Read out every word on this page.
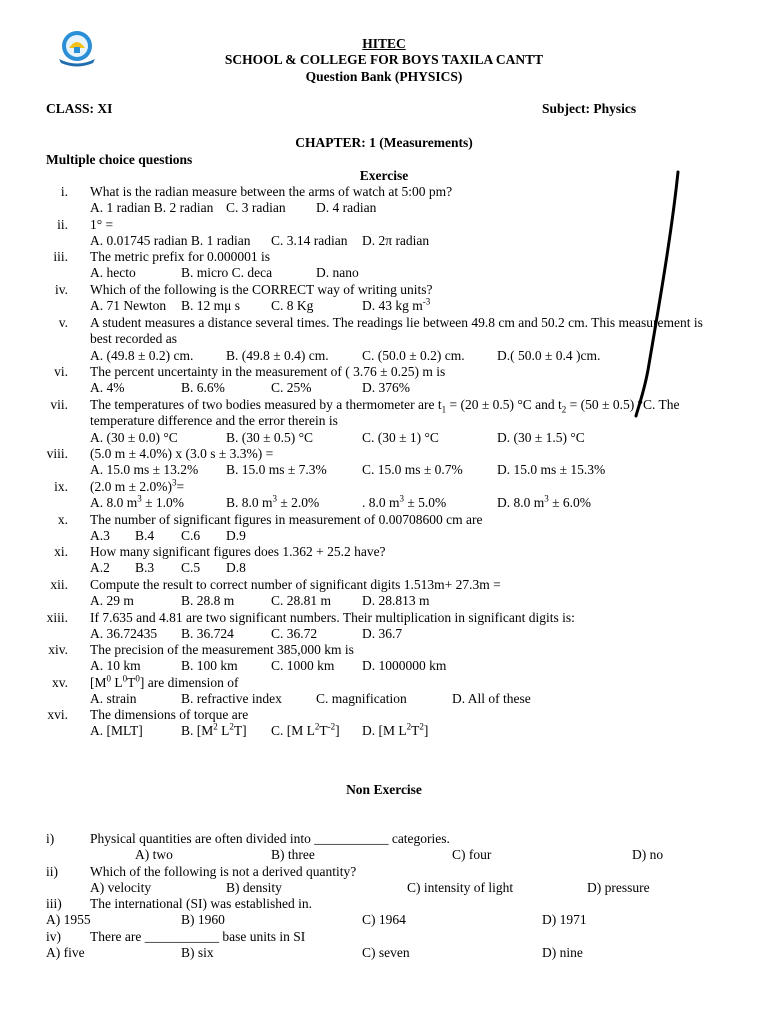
HITEC
SCHOOL & COLLEGE FOR BOYS TAXILA CANTT
Question Bank (PHYSICS)
CLASS: XI	Subject: Physics
CHAPTER: 1 (Measurements)
Multiple choice questions
Exercise
i. What is the radian measure between the arms of watch at 5:00 pm?
A. 1 radian B. 2 radian C. 3 radian D. 4 radian
ii. 1° =
A. 0.01745 radian B. 1 radian C. 3.14 radian D. 2π radian
iii. The metric prefix for 0.000001 is
A. hecto	B. micro C. deca	D. nano
iv. Which of the following is the CORRECT way of writing units?
A. 71 Newton B. 12 mμ s C. 8 Kg	D. 43 kg $m^{-3}$
v. A student measures a distance several times. The readings lie between 49.8 cm and 50.2 cm. This measurement is
best recorded as
A. (49.8 ± 0.2) cm. B. (49.8 ± 0.4) cm. C. (50.0 ± 0.2) cm. D.( 50.0 ± 0.4 )cm.
vi. The percent uncertainty in the measurement of ( 3.76 ± 0.25) m is
A. 4%	B. 6.6%	C. 25%	D. 376%
vii. The temperatures of two bodies measured by a thermometer are $t_1 = (20 \pm 0.5)$ °C and $t_2 = (50 \pm 0.5)$ °C. The
temperature difference and the error therein is
A. (30 ± 0.0) °C	B. (30 ± 0.5) °C	C. (30 ± 1) °C	D. (30 ± 1.5) °C
viii. (5.0 m ± 4.0%) x (3.0 s ± 3.3%) =
A. 15.0 ms ± 13.2% B. 15.0 ms ± 7.3%	C. 15.0 ms ± 0.7%	D. 15.0 ms ± 15.3%
ix. (2.0 m ± 2.0%)$^3$=
A. 8.0 $m^3 \pm 1.0\%$	B. 8.0 $m^3 \pm 2.0\%$	. 8.0 $m^3 \pm 5.0\%$	D. 8.0 $m^3 \pm 6.0\%$
x. The number of significant figures in measurement of 0.00708600 cm are
A.3 B.4 C.6 D.9
xi. How many significant figures does 1.362 + 25.2 have?
A.2 B.3 C.5 D.8
xii. Compute the result to correct number of significant digits 1.513m+ 27.3m =
A. 29 m	B. 28.8 m	C. 28.81 m D. 28.813 m
xiii. If 7.635 and 4.81 are two significant numbers. Their multiplication in significant digits is:
A. 36.72435 B. 36.724	C. 36.72	D. 36.7
xiv. The precision of the measurement 385,000 km is
A. 10 km	B. 100 km C. 1000 km D. 1000000 km
xv. [$M^0$ $L^0T^0$] are dimension of
A. strain	B. refractive index	C. magnification	D. All of these
xvi. The dimensions of torque are
A. [MLT]	B. [$M^2$ $L^2T$] C. [M $L^2T^{-2}$] D. [M $L^2T^2$]
Non Exercise
i)	Physical quantities are often divided into ___________ categories.
A) two	B) three	C) four	D) no
ii) Which of the following is not a derived quantity?
A) velocity	B) density	C) intensity of light	D) pressure
iii) The international (SI) was established in.
A) 1955	B) 1960	C) 1964	D) 1971
iv) There are ___________ base units in SI
A) five	B) six	C) seven	D) nine
